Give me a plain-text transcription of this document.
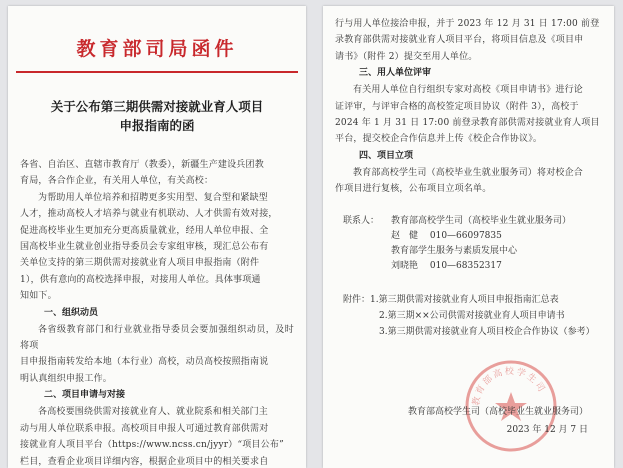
教育部司局函件
关于公布第三期供需对接就业育人项目
申报指南的函

各省、自治区、直辖市教育厅（教委），新疆生产建设兵团教

育局，各合作企业，有关用人单位，有关高校：

为帮助用人单位培养和招聘更多实用型、复合型和紧缺型

人才，推动高校人才培养与就业有机联动、人才供需有效对接，

促进高校毕业生更加充分更高质量就业，经用人单位申报、全

国高校毕业生就业创业指导委员会专家组审核，现汇总公布有

关单位支持的第三期供需对接就业育人项目申报指南（附件

1），供有意向的高校选择申报，对接用人单位。具体事项通

知如下。

一、组织动员

各省级教育部门和行业就业指导委员会要加强组织动员，及时将项

目申报指南转发给本地（本行业）高校，动员高校按照指南说

明认真组织申报工作。

二、项目申请与对接

各高校要围绕供需对接就业育人、就业院系和相关部门主

动与用人单位联系申报。高校项目申报人可通过教育部供需对

接就业育人项目平台（https://www.ncss.cn/jyyr）“项目公布”

栏目，查看企业项目详细内容，根据企业项目中的相关要求自

行与用人单位接洽申报，并于 2023 年 12 月 31 日 17:00 前登

录教育部供需对接就业育人项目平台，将项目信息及《项目申

请书》（附件 2）提交至用人单位。

三、用人单位评审

有关用人单位自行组织专家对高校《项目申请书》进行论

证评审，与评审合格的高校签定项目协议（附件 3），高校于

2024 年 1 月 31 日 17:00 前登录教育部供需对接就业育人项目

平台，提交校企合作信息并上传《校企合作协议》。

四、项目立项

教育部高校学生司（高校毕业生就业服务司）将对校企合

作项目进行复核，公布项目立项名单。

联系人：	教育部高校学生司（高校毕业生就业服务司）
赵　健 010—66097835
教育部学生服务与素质发展中心
刘晓艳 010—68352317
附件：1.第三期供需对接就业育人项目申报指南汇总表
2.第三期××公司供需对接就业育人项目申请书
3.第三期供需对接就业育人项目校企合作协议（参考）
教育部高校学生司
教育部高校学生司（高校毕业生就业服务司）
2023 年 12 月 7 日
